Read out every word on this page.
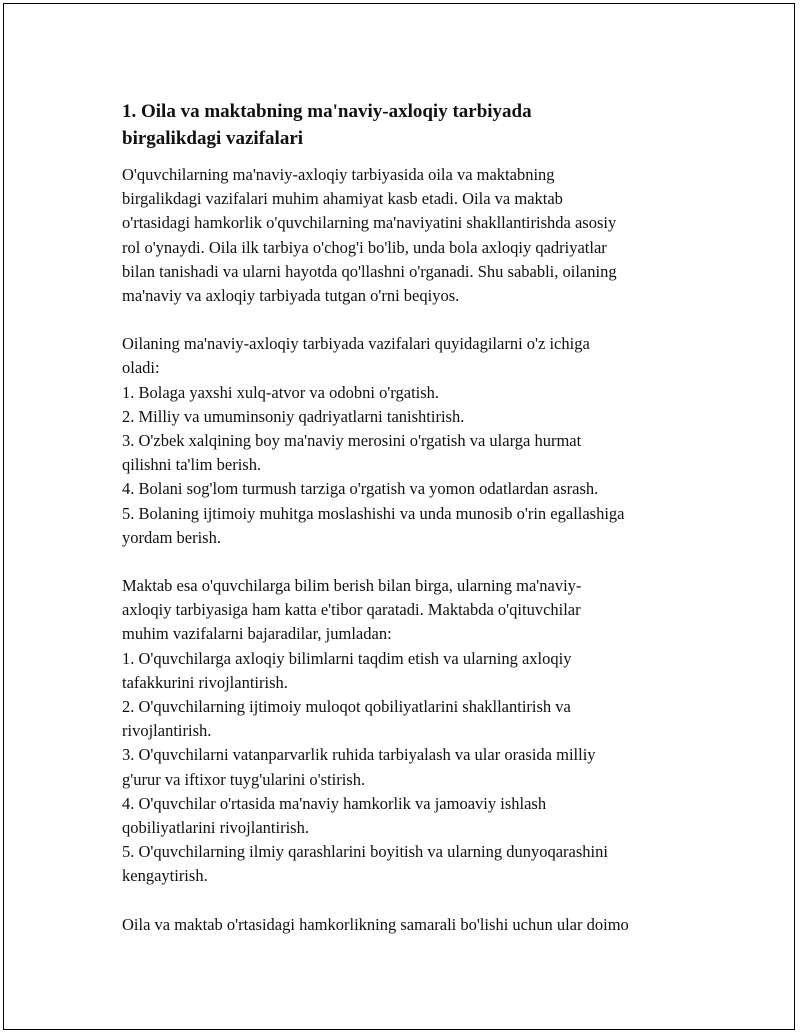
1. Oila va maktabning ma'naviy-axloqiy tarbiyada
birgalikdagi vazifalari
O'quvchilarning ma'naviy-axloqiy tarbiyasida oila va maktabning
birgalikdagi vazifalari muhim ahamiyat kasb etadi. Oila va maktab
o'rtasidagi hamkorlik o'quvchilarning ma'naviyatini shakllantirishda asosiy
rol o'ynaydi. Oila ilk tarbiya o'chog'i bo'lib, unda bola axloqiy qadriyatlar
bilan tanishadi va ularni hayotda qo'llashni o'rganadi. Shu sababli, oilaning
ma'naviy va axloqiy tarbiyada tutgan o'rni beqiyos.
Oilaning ma'naviy-axloqiy tarbiyada vazifalari quyidagilarni o'z ichiga
oladi:
1. Bolaga yaxshi xulq-atvor va odobni o'rgatish.
2. Milliy va umuminsoniy qadriyatlarni tanishtirish.
3. O'zbek xalqining boy ma'naviy merosini o'rgatish va ularga hurmat
qilishni ta'lim berish.
4. Bolani sog'lom turmush tarziga o'rgatish va yomon odatlardan asrash.
5. Bolaning ijtimoiy muhitga moslashishi va unda munosib o'rin egallashiga
yordam berish.
Maktab esa o'quvchilarga bilim berish bilan birga, ularning ma'naviy-
axloqiy tarbiyasiga ham katta e'tibor qaratadi. Maktabda o'qituvchilar
muhim vazifalarni bajaradilar, jumladan:
1. O'quvchilarga axloqiy bilimlarni taqdim etish va ularning axloqiy
tafakkurini rivojlantirish.
2. O'quvchilarning ijtimoiy muloqot qobiliyatlarini shakllantirish va
rivojlantirish.
3. O'quvchilarni vatanparvarlik ruhida tarbiyalash va ular orasida milliy
g'urur va iftixor tuyg'ularini o'stirish.
4. O'quvchilar o'rtasida ma'naviy hamkorlik va jamoaviy ishlash
qobiliyatlarini rivojlantirish.
5. O'quvchilarning ilmiy qarashlarini boyitish va ularning dunyoqarashini
kengaytirish.
Oila va maktab o'rtasidagi hamkorlikning samarali bo'lishi uchun ular doimo
